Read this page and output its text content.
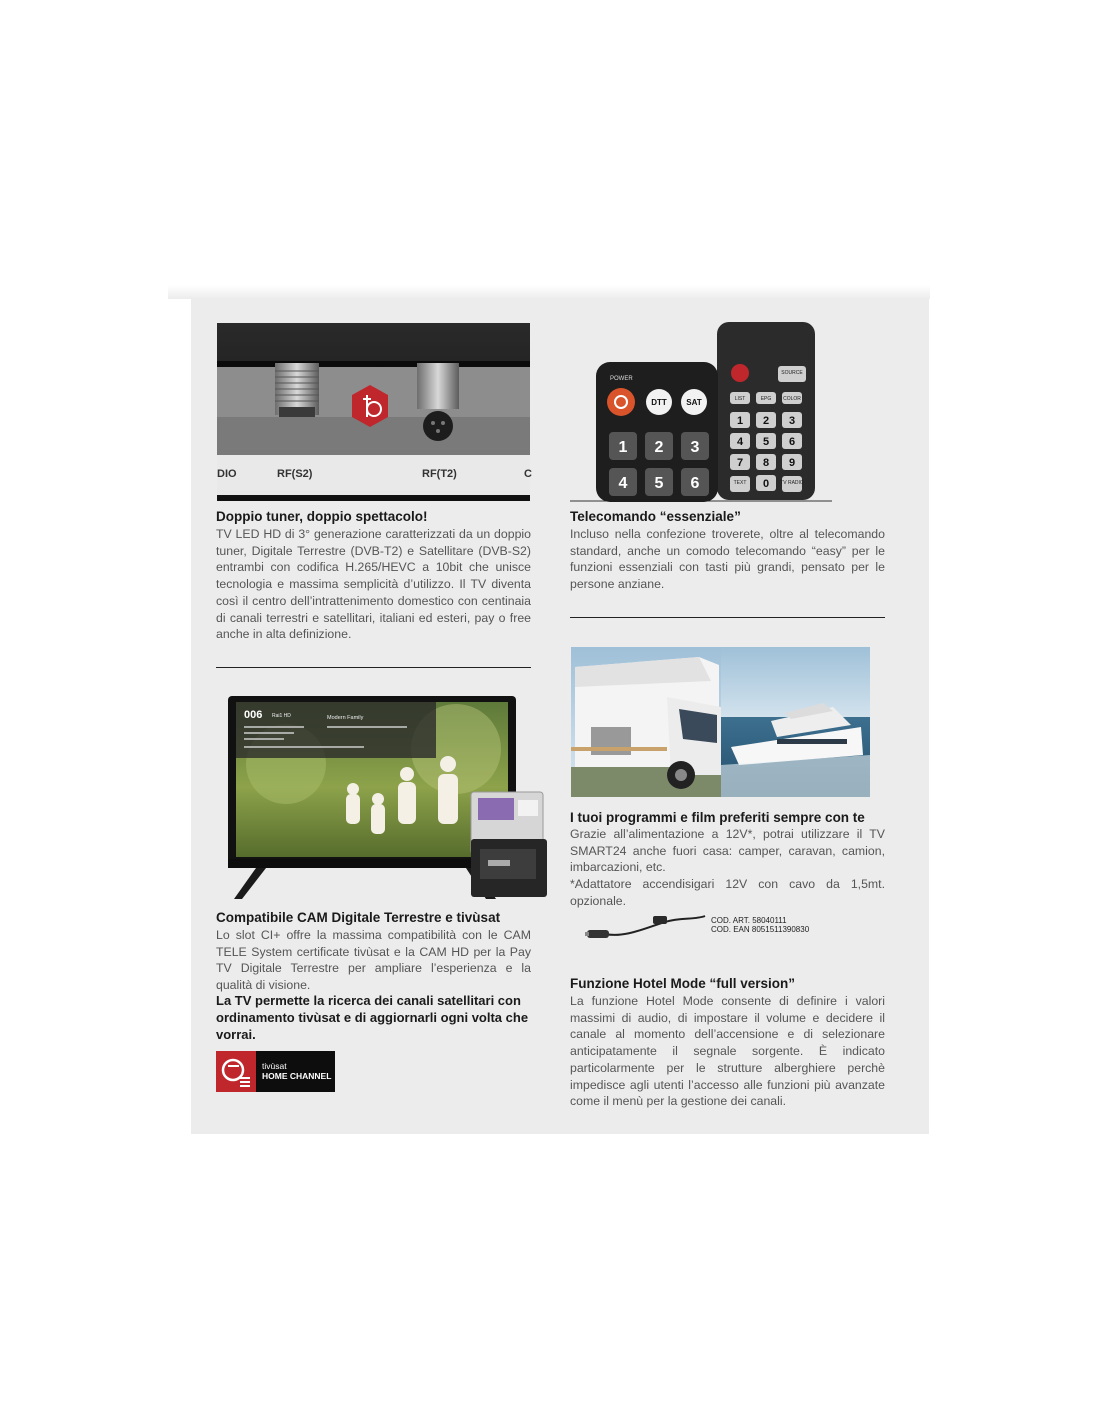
DIO	RF(S2)	RF(T2)	C
SOURCE
LIST	EPG COLOR
1 2 3
4 5 6
7 8 9
0
TEXT	TV RADIO
POWER
DTT SAT
1 2 3
4 5 6

Doppio tuner, doppio spettacolo!

TV LED HD di 3° generazione caratterizzati da un doppio tuner, Digitale Terrestre (DVB-T2) e Satellitare (DVB-S2) entrambi con codifica H.265/HEVC a 10bit che unisce tecnologia e massima semplicità d’utilizzo. Il TV diventa così il centro dell’intrattenimento domestico con centinaia di canali terrestri e satellitari, italiani ed esteri, pay o free anche in alta definizione.

Telecomando “essenziale”

Incluso nella confezione troverete, oltre al telecomando standard, anche un comodo telecomando “easy” per le funzioni essenziali con tasti più grandi, pensato per le persone anziane.

006 Rai1 HD	Modern Family

Compatibile CAM Digitale Terrestre e tivùsat

Lo slot CI+ offre la massima compatibilità con le CAM TELE System certificate tivùsat e la CAM HD per la Pay TV Digitale Terrestre per ampliare l’esperienza e la qualità di visione.

La TV permette la ricerca dei canali satellitari con ordinamento tivùsat e di aggiornarli ogni volta che vorrai.

tivùsat
HOME CHANNEL

I tuoi programmi e film preferiti sempre con te

Grazie all’alimentazione a 12V*, potrai utilizzare il TV SMART24 anche fuori casa: camper, caravan, camion, imbarcazioni, etc.

*Adattatore accendisigari 12V con cavo da 1,5mt. opzionale.

COD. ART. 58040111
COD. EAN 8051511390830

Funzione Hotel Mode “full version”

La funzione Hotel Mode consente di definire i valori massimi di audio, di impostare il volume e decidere il canale al momento dell’accensione e di selezionare anticipatamente il segnale sorgente. È indicato particolarmente per le strutture alberghiere perchè impedisce agli utenti l’accesso alle funzioni più avanzate come il menù per la gestione dei canali.
